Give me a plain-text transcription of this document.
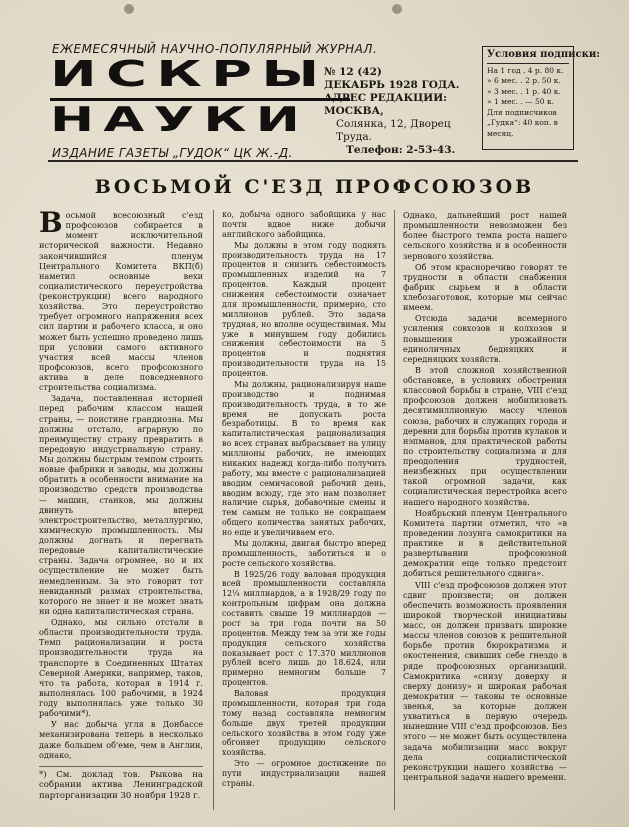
ЕЖЕМЕСЯЧНЫЙ НАУЧНО-ПОПУЛЯРНЫЙ ЖУРНАЛ.
ИСКРЫ
НАУКИ
№ 12 (42)
ДЕКАБРЬ 1928 ГОДА.
АДРЕС РЕДАКЦИИ: МОСКВА,
Солянка, 12, Дворец Труда.
Телефон: 2-53-43.
Условия подписки:
На 1 год . 4 р. 80 к.
» 6 мес. . 2 р. 50 к.
» 3 мес. . 1 р. 40 к.
» 1 мес. . — 50 к.
Для подписчиков
„Гудка“: 40 коп. в
месяц.
ИЗДАНИЕ ГАЗЕТЫ „ГУДОК“ ЦК Ж.-Д.
ВОСЬМОЙ С'ЕЗД ПРОФСОЮЗОВ

Восьмой всесоюзный с'езд профсоюзов собирается в момент исключительной исторической важности. Недавно закончившийся пленум Центрального Комитета ВКП(б) наметил основные вехи социалистического переустройства (реконструкции) всего народного хозяйства. Это переустройство требует огромного напряжения всех сил партии и рабочего класса, и оно может быть успешно проведено лишь при условии самого активного участия всей массы членов профсоюзов, всего профсоюзного актива в деле повседневного строительства социализма.

Задача, поставленная историей перед рабочим классом нашей страны, — поистине грандиозна. Мы должны отстало, аграрную по преимуществу страну превратить в передовую индустриальную страну. Мы должны быстрым темпом строить новые фабрики и заводы, мы должны обратить в особенности внимание на производство средств производства — машин, станков, мы должны двинуть вперед электростроительство, металлургию, химическую промышленность. Мы должны догнать и перегнать передовые капиталистические страны. Задача огромнее, но и их осуществление не может быть немедленным. За это говорит тот невиданный размах строительства, которого не знает и не может знать ни одна капиталистическая страна.

Однако, мы сильно отстали в области производительности труда. Темп рационализации и роста производительности труда на транспорте в Соединенных Штатах Северной Америки, например, таков, что та работа, которая в 1914 г. выполнялась 100 рабочими, в 1924 году выполнялась уже только 30 рабочими*).

У нас добыча угля в Донбассе механизирована теперь в несколько даже большем об'еме, чем в Англии, однако,

*) См. доклад тов. Рыкова на собрании актива Ленинградской парторганизации 30 ноября 1928 г.

ко, добыча одного забойщика у нас почти вдвое ниже добычи английского забойщика.

Мы должны в этом году поднять производительность труда на 17 процентов и снизить себестоимость промышленных изделий на 7 процентов. Каждый процент снижения себестоимости означает для промышленности, примерно, сто миллионов рублей. Это задача трудная, но вполне осуществимая. Мы уже в минувшем году добились снижения себестоимости на 5 процентов и поднятия производительности труда на 15 процентов.

Мы должны, рационализируя наше производство и поднимая производительность труда, в то же время не допускать роста безработицы. В то время как капиталистическая рационализация во всех странах выбрасывает на улицу миллионы рабочих, не имеющих никаких надежд когда-либо получить работу, мы вместе с рационализацией вводим семичасовой рабочий день, вводим всюду, где это нам позволяет наличие сырья, добавочные смены и тем самым не только не сокращаем общего количества занятых рабочих, но еще и увеличиваем его.

Мы должны, двигая быстро вперед промышленность, заботиться и о росте сельского хозяйства.

В 1925/26 году валовая продукция всей промышленности составляла 12¼ миллиардов, а в 1928/29 году по контрольным цифрам она должна составить свыше 19 миллиардов — рост за три года почти на 50 процентов. Между тем за эти же годы продукция сельского хозяйства показывает рост с 17.370 миллионов рублей всего лишь до 18.624, или примерно немногим больше 7 процентов.

Валовая продукция промышленности, которая три года тому назад составляла немногим больше двух третей продукции сельского хозяйства в этом году уже обгоняет продукцию сельского хозяйства.

Это — огромное достижение по пути индустриализации нашей страны.

Однако, дальнейший рост нашей промышленности невозможен без более быстрого темпа роста нашего сельского хозяйства и в особенности зернового хозяйства.

Об этом красноречиво говорят те трудности в области снабжения фабрик сырьем и в области хлебозаготовок, которые мы сейчас имеем.

Отсюда задачи всемерного усиления совхозов и колхозов и повышения урожайности единоличных бедняцких и середняцких хозяйств.

В этой сложной хозяйственной обстановке, в условиях обострения классовой борьбы в стране, VIII с'езд профсоюзов должен мобилизовать десятимиллионную массу членов союза, рабочих и служащих города и деревни для борьбы против кулаков и нэпманов, для практической работы по строительству социализма и для преодоления трудностей, неизбежных при осуществлении такой огромной задачи, как социалистическая перестройка всего нашего народного хозяйства.

Ноябрьский пленум Центрального Комитета партии отметил, что «в проведении лозунга самокритики на практике и в действительной развертывании профсоюзной демократии еще только предстоит добиться решительного сдвига».

VIII с'езд профсоюзов должен этот сдвиг произвести; он должен обеспечить возможность проявления широкой творческой инициативы масс, он должен призвать широкие массы членов союзов к решительной борьбе против бюрократизма и окостенения, свивших себе гнездо в ряде профсоюзных организаций. Самокритика «снизу доверху и сверху донизу» и широкая рабочая демократия — таковы те основные звенья, за которые должен ухватиться в первую очередь нынешние VIII с'езд профсоюзов. Без этого — не может быть осуществлена задача мобилизации масс вокруг дела социалистической реконструкции нашего хозяйства — центральной задачи нашего времени.
